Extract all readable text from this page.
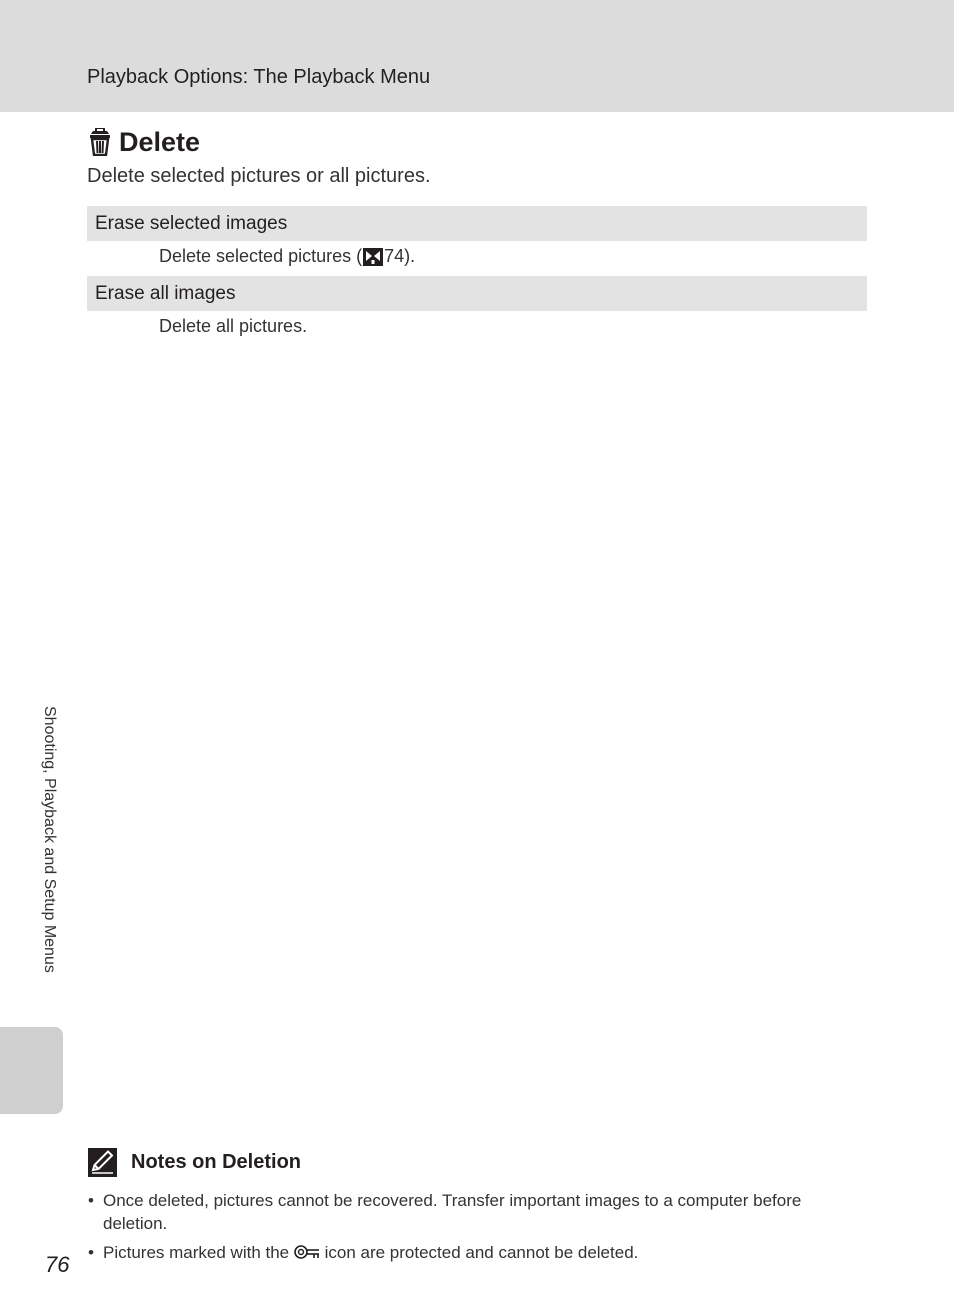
Playback Options: The Playback Menu
Delete
Delete selected pictures or all pictures.
Erase selected images
Delete selected pictures ( 74).
Erase all images
Delete all pictures.
Shooting, Playback and Setup Menus
Notes on Deletion
• Once deleted, pictures cannot be recovered. Transfer important images to a computer before deletion.
• Pictures marked with the  icon are protected and cannot be deleted.
76
